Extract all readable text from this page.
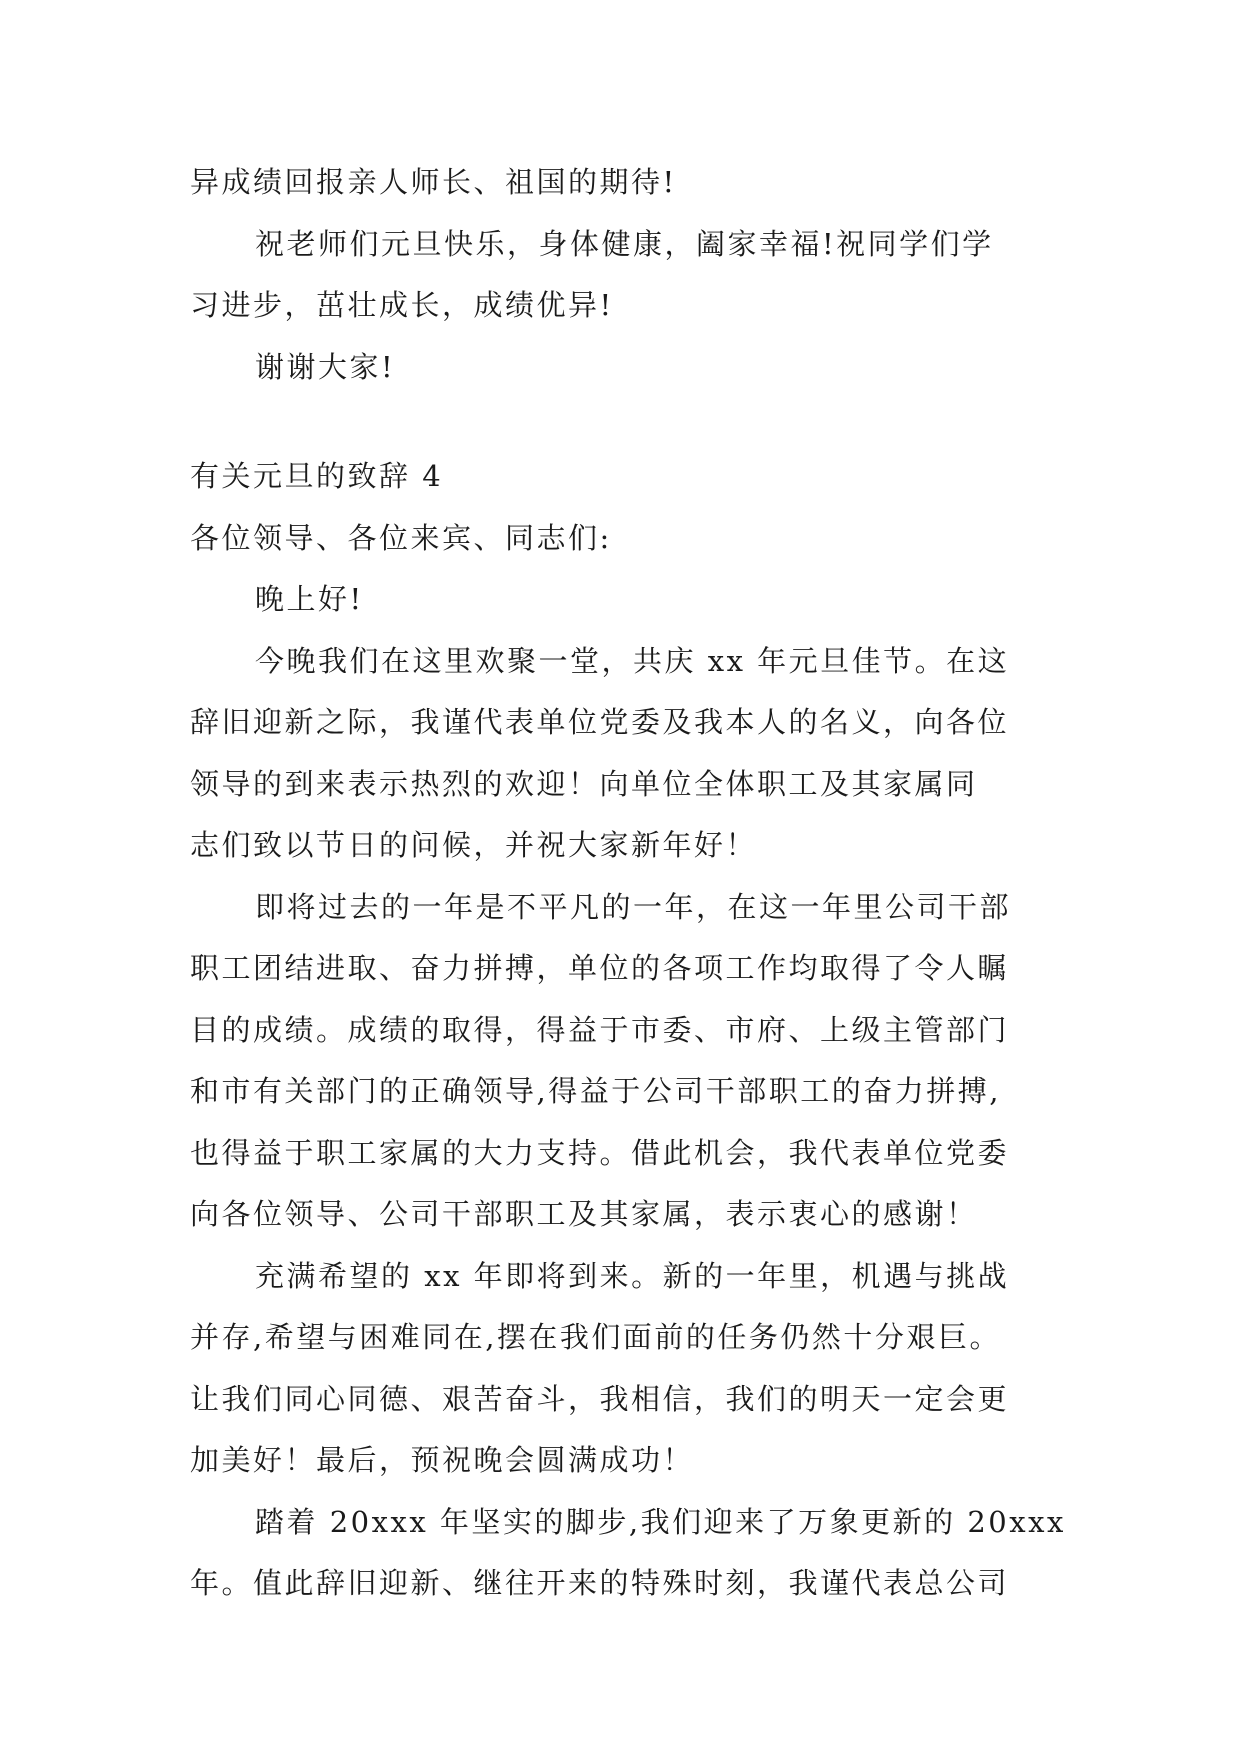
异成绩回报亲人师长、祖国的期待!
祝老师们元旦快乐，身体健康，阖家幸福!祝同学们学
习进步，茁壮成长，成绩优异!
谢谢大家!
有关元旦的致辞 4
各位领导、各位来宾、同志们:
晚上好!
今晚我们在这里欢聚一堂，共庆 xx 年元旦佳节。在这
辞旧迎新之际，我谨代表单位党委及我本人的名义，向各位
领导的到来表示热烈的欢迎！向单位全体职工及其家属同
志们致以节日的问候，并祝大家新年好！
即将过去的一年是不平凡的一年，在这一年里公司干部
职工团结进取、奋力拼搏，单位的各项工作均取得了令人瞩
目的成绩。成绩的取得，得益于市委、市府、上级主管部门
和市有关部门的正确领导,得益于公司干部职工的奋力拼搏,
也得益于职工家属的大力支持。借此机会，我代表单位党委
向各位领导、公司干部职工及其家属，表示衷心的感谢！
充满希望的 xx 年即将到来。新的一年里，机遇与挑战
并存,希望与困难同在,摆在我们面前的任务仍然十分艰巨。
让我们同心同德、艰苦奋斗，我相信，我们的明天一定会更
加美好！最后，预祝晚会圆满成功！
踏着 20xxx 年坚实的脚步,我们迎来了万象更新的 20xxx
年。值此辞旧迎新、继往开来的特殊时刻，我谨代表总公司
